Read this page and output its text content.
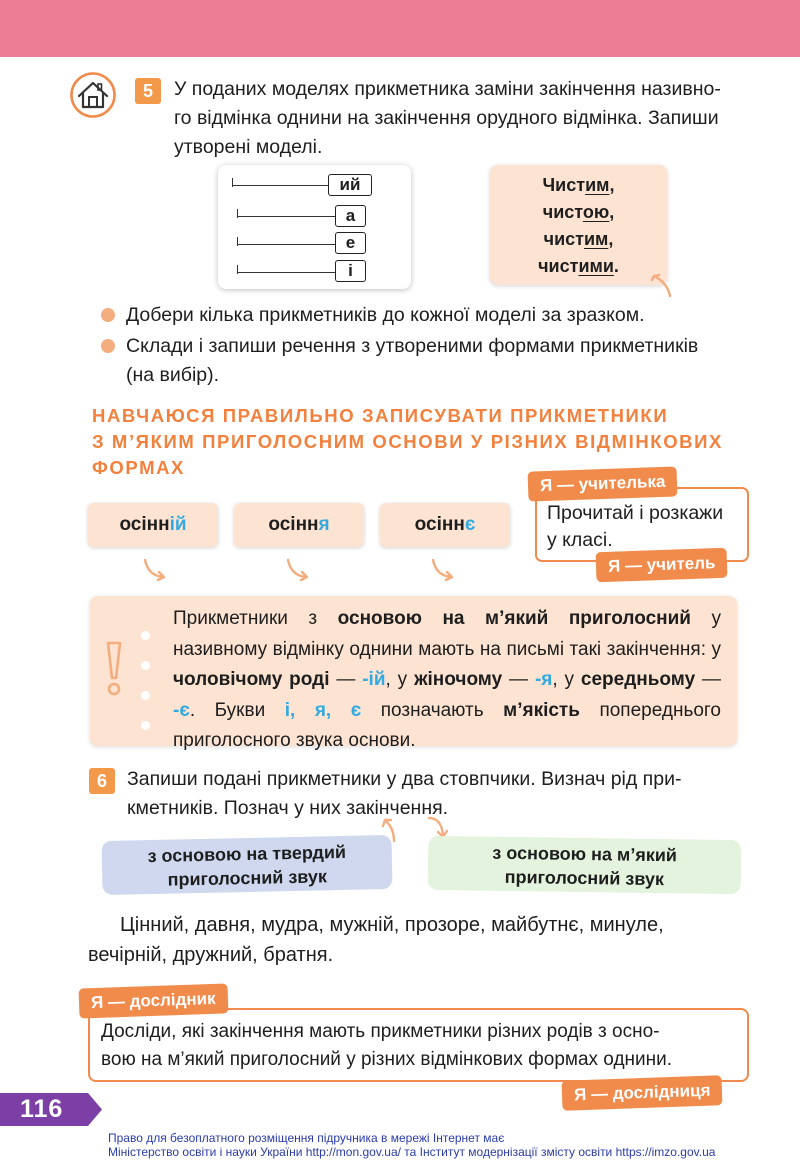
5	У поданих моделях прикметника заміни закінчення називно-
го відмінка однини на закінчення орудного відмінка. Запиши
утворені моделі.
ий
а
е
і
Чистим,
чистою,
чистим,
чистими.
Добери кілька прикметників до кожної моделі за зразком.
Склади і запиши речення з утвореними формами прикметників
(на вибір).
НАВЧАЮСЯ ПРАВИЛЬНО ЗАПИСУВАТИ ПРИКМЕТНИКИ
З М’ЯКИМ ПРИГОЛОСНИМ ОСНОВИ У РІЗНИХ ВІДМІНКОВИХ
ФОРМАХ
осінній	осіння	осіннє
Прочитай і розкажи
у класі.
Я — учителька
Я — учитель
Прикметники з основою на м’який приголосний у називному відмінку однини мають на письмі такі закінчення: у чоловічому роді — -ій, у жіночому — -я, у середньому — -є. Букви і, я, є позначають м’якість попереднього приголосного звука основи.
6	Запиши подані прикметники у два стовпчики. Визнач рід при-
кметників. Познач у них закінчення.
з основою на твердий
приголосний звук
з основою на м’який
приголосний звук
Цінний, давня, мудра, мужній, прозоре, майбутнє, минуле,
вечірній, дружний, братня.
Досліди, які закінчення мають прикметники різних родів з осно-
вою на м’який приголосний у різних відмінкових формах однини.
Я — дослідник
Я — дослідниця
116
Право для безоплатного розміщення підручника в мережі Інтернет має
Міністерство освіти і науки України http://mon.gov.ua/ та Інститут модернізації змісту освіти https://imzo.gov.ua
